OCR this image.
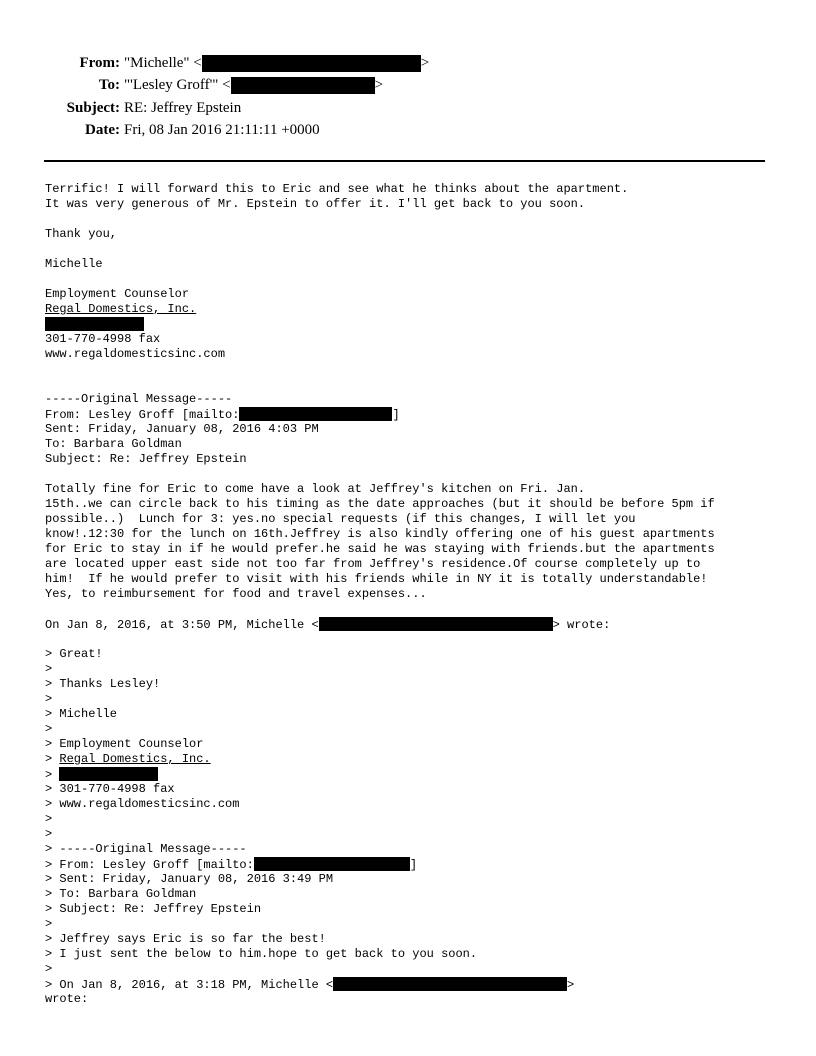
From: "Michelle" <	>
To: "'Lesley Groff'" <	>
Subject: RE: Jeffrey Epstein
Date: Fri, 08 Jan 2016 21:11:11 +0000
Terrific! I will forward this to Eric and see what he thinks about the apartment.
It was very generous of Mr. Epstein to offer it. I'll get back to you soon.
Thank you,
Michelle
Employment Counselor
Regal Domestics, Inc.
301-770-4998 fax
www.regaldomesticsinc.com
-----Original Message-----
From: Lesley Groff [mailto:	]
Sent: Friday, January 08, 2016 4:03 PM
To: Barbara Goldman
Subject: Re: Jeffrey Epstein
Totally fine for Eric to come have a look at Jeffrey's kitchen on Fri. Jan.
15th..we can circle back to his timing as the date approaches (but it should be before 5pm if
possible..)  Lunch for 3: yes.no special requests (if this changes, I will let you
know!.12:30 for the lunch on 16th.Jeffrey is also kindly offering one of his guest apartments
for Eric to stay in if he would prefer.he said he was staying with friends.but the apartments
are located upper east side not too far from Jeffrey's residence.Of course completely up to
him!  If he would prefer to visit with his friends while in NY it is totally understandable!
Yes, to reimbursement for food and travel expenses...
On Jan 8, 2016, at 3:50 PM, Michelle <	> wrote:
> Great!
>
> Thanks Lesley!
>
> Michelle
>
> Employment Counselor
> Regal Domestics, Inc.
>
> 301-770-4998 fax
> www.regaldomesticsinc.com
>
>
> -----Original Message-----
> From: Lesley Groff [mailto:	]
> Sent: Friday, January 08, 2016 3:49 PM
> To: Barbara Goldman
> Subject: Re: Jeffrey Epstein
>
> Jeffrey says Eric is so far the best!
> I just sent the below to him.hope to get back to you soon.
>
> On Jan 8, 2016, at 3:18 PM, Michelle <	>
wrote:
